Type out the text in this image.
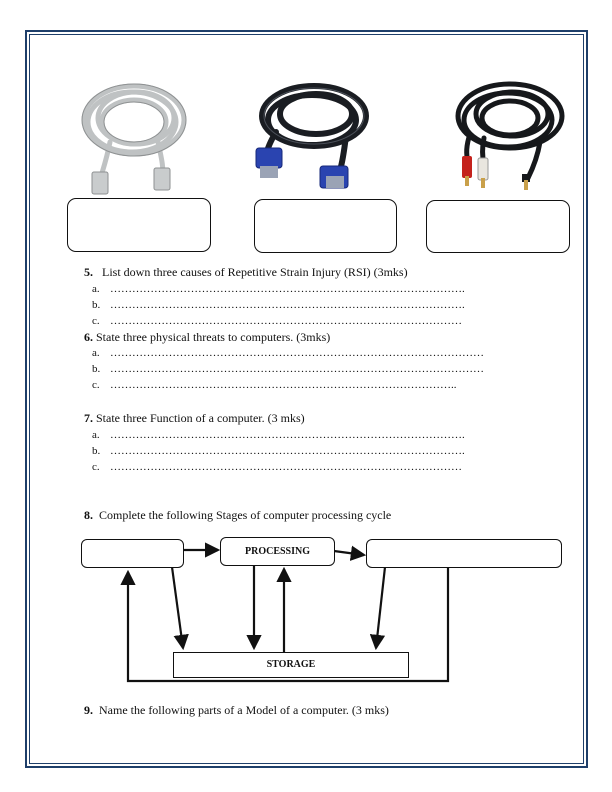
5. List down three causes of Repetitive Strain Injury (RSI) (3mks)
a. …………………………………………………………………………………….
b. …………………………………………………………………………………….
c. ……………………………………………………………………………………
6. State three physical threats to computers. (3mks)
a. …………………………………………………………………………………………
b. …………………………………………………………………………………………
c. …………………………………………………………………………………..
7. State three Function of a computer. (3 mks)
a. …………………………………………………………………………………….
b. …………………………………………………………………………………….
c. ……………………………………………………………………………………
8. Complete the following Stages of computer processing cycle
PROCESSING
STORAGE
9. Name the following parts of a Model of a computer. (3 mks)
